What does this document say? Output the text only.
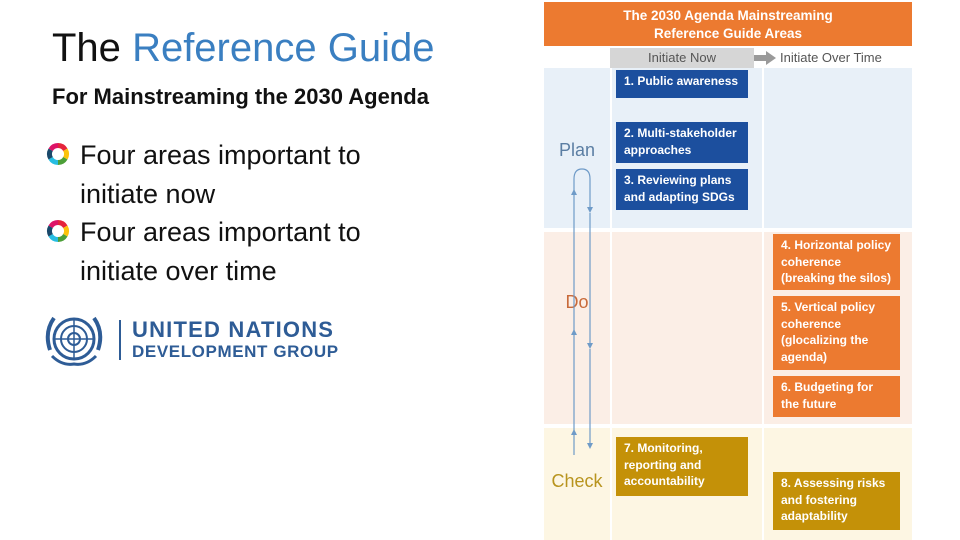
The Reference Guide
For Mainstreaming the 2030 Agenda
Four areas important to initiate now
Four areas important to initiate over time
UNITED NATIONS
DEVELOPMENT GROUP
The 2030 Agenda Mainstreaming
Reference Guide Areas
Initiate Now	Initiate Over Time
Plan
Do
Check
1. Public awareness
2. Multi-stakeholder approaches
3. Reviewing plans and adapting SDGs
4. Horizontal policy coherence (breaking the silos)
5. Vertical policy coherence (glocalizing the agenda)
6. Budgeting for the future
7. Monitoring, reporting and accountability	8. Assessing risks and fostering adaptability
